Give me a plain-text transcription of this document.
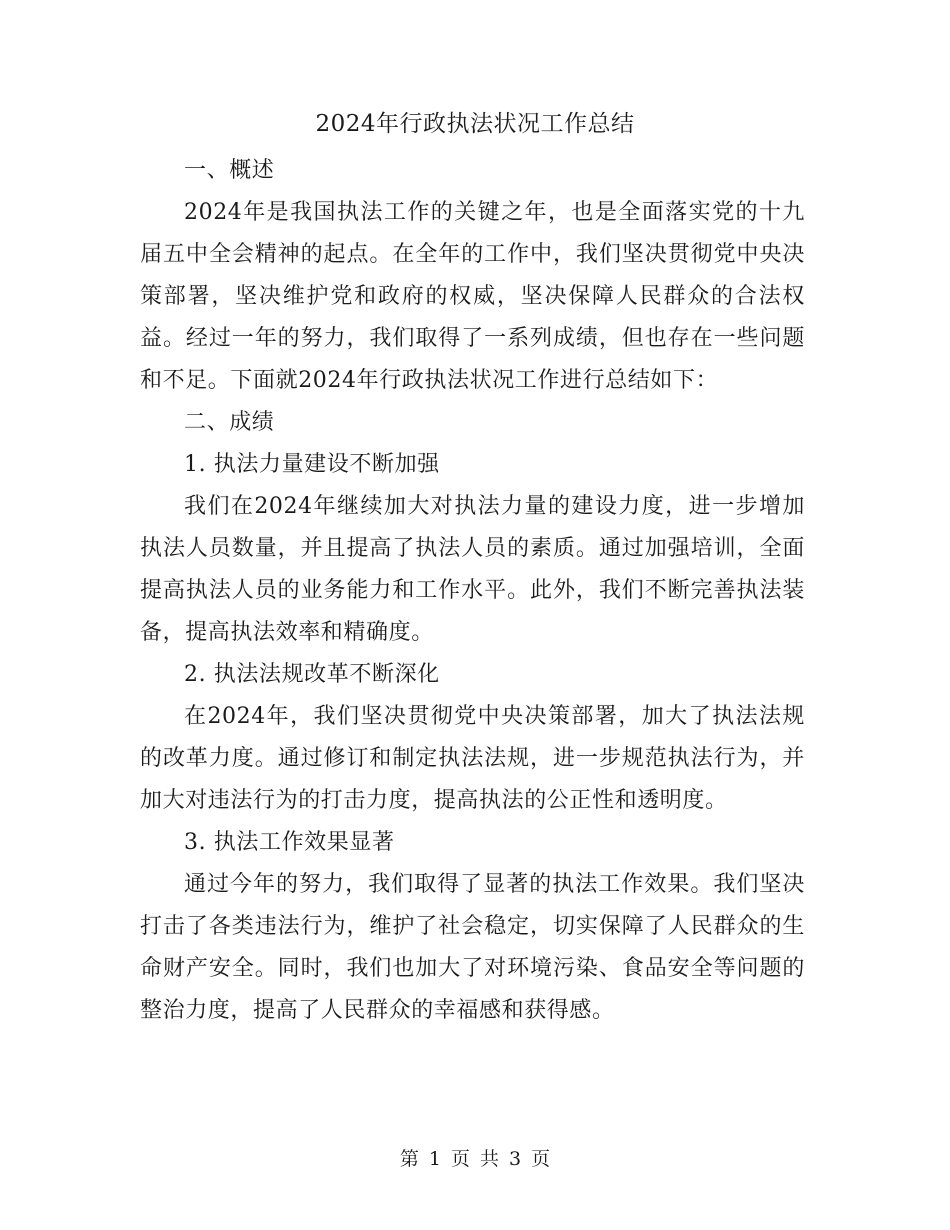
2024年行政执法状况工作总结

一、概述

2024年是我国执法工作的关键之年，也是全面落实党的十九届五中全会精神的起点。在全年的工作中，我们坚决贯彻党中央决策部署，坚决维护党和政府的权威，坚决保障人民群众的合法权益。经过一年的努力，我们取得了一系列成绩，但也存在一些问题和不足。下面就2024年行政执法状况工作进行总结如下：

二、成绩

1. 执法力量建设不断加强

我们在2024年继续加大对执法力量的建设力度，进一步增加执法人员数量，并且提高了执法人员的素质。通过加强培训，全面提高执法人员的业务能力和工作水平。此外，我们不断完善执法装备，提高执法效率和精确度。

2. 执法法规改革不断深化

在2024年，我们坚决贯彻党中央决策部署，加大了执法法规的改革力度。通过修订和制定执法法规，进一步规范执法行为，并加大对违法行为的打击力度，提高执法的公正性和透明度。

3. 执法工作效果显著

通过今年的努力，我们取得了显著的执法工作效果。我们坚决打击了各类违法行为，维护了社会稳定，切实保障了人民群众的生命财产安全。同时，我们也加大了对环境污染、食品安全等问题的整治力度，提高了人民群众的幸福感和获得感。

第 1 页 共 3 页
